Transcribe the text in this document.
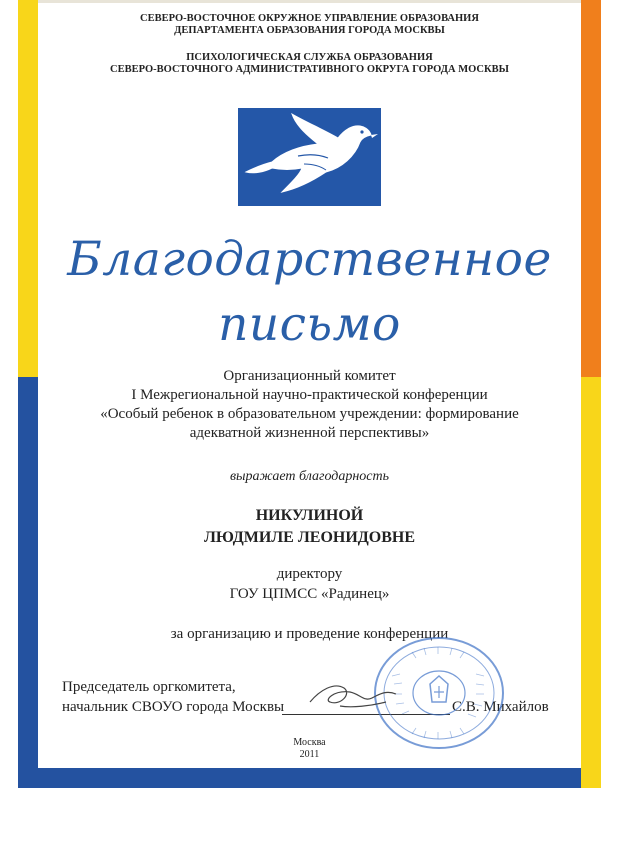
СЕВЕРО-ВОСТОЧНОЕ ОКРУЖНОЕ УПРАВЛЕНИЕ ОБРАЗОВАНИЯ
ДЕПАРТАМЕНТА ОБРАЗОВАНИЯ ГОРОДА МОСКВЫ
ПСИХОЛОГИЧЕСКАЯ СЛУЖБА ОБРАЗОВАНИЯ
СЕВЕРО-ВОСТОЧНОГО АДМИНИСТРАТИВНОГО ОКРУГА ГОРОДА МОСКВЫ
Благодарственное
письмо
Организационный комитет
I Межрегиональной научно-практической конференции
«Особый ребенок в образовательном учреждении: формирование
адекватной жизненной перспективы»
выражает благодарность
НИКУЛИНОЙ
ЛЮДМИЛЕ ЛЕОНИДОВНЕ
директору
ГОУ ЦПМСС «Радинец»
за организацию и проведение конференции
Председатель оргкомитета,
начальник СВОУО города Москвы	С.В. Михайлов
Москва
2011
